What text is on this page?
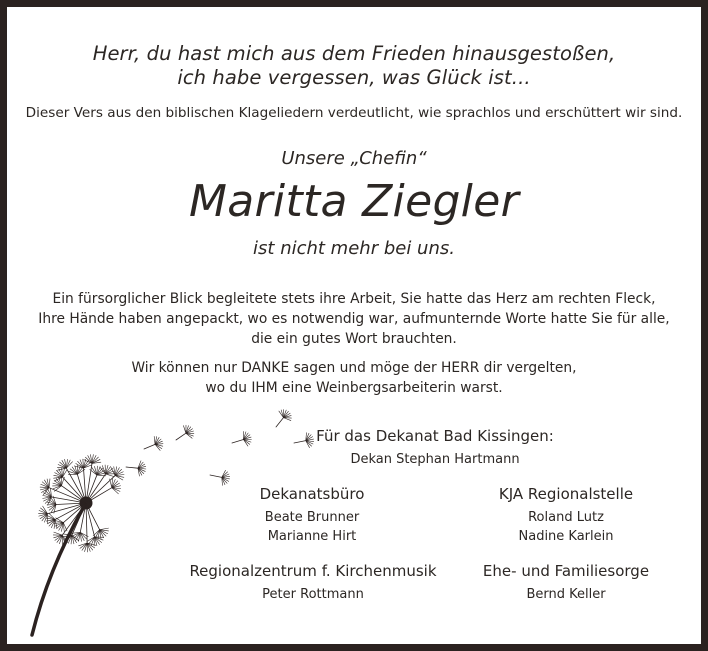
Herr, du hast mich aus dem Frieden hinausgestoßen,
ich habe vergessen, was Glück ist...
Dieser Vers aus den biblischen Klageliedern verdeutlicht, wie sprachlos und erschüttert wir sind.
Unsere „Chefin“
Maritta Ziegler
ist nicht mehr bei uns.
Ein fürsorglicher Blick begleitete stets ihre Arbeit, Sie hatte das Herz am rechten Fleck,
Ihre Hände haben angepackt, wo es notwendig war, aufmunternde Worte hatte Sie für alle,
die ein gutes Wort brauchten.
Wir können nur DANKE sagen und möge der HERR dir vergelten,
wo du IHM eine Weinbergsarbeiterin warst.
Für das Dekanat Bad Kissingen:
Dekan Stephan Hartmann
Dekanatsbüro
Beate Brunner
Marianne Hirt
KJA Regionalstelle
Roland Lutz
Nadine Karlein
Regionalzentrum f. Kirchenmusik
Peter Rottmann
Ehe- und Familiesorge
Bernd Keller
